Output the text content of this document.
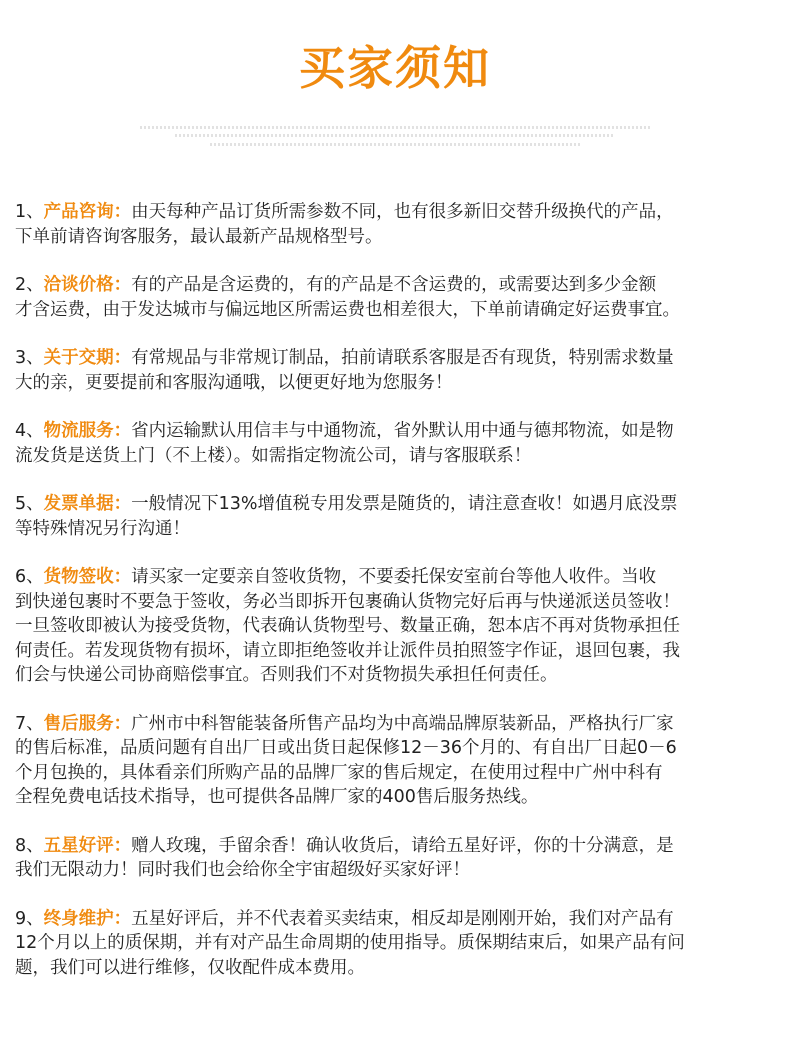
买家须知
1、产品咨询：由天每种产品订货所需参数不同，也有很多新旧交替升级换代的产品，
下单前请咨询客服务，最认最新产品规格型号。
2、洽谈价格：有的产品是含运费的，有的产品是不含运费的，或需要达到多少金额
才含运费，由于发达城市与偏远地区所需运费也相差很大，下单前请确定好运费事宜。
3、关于交期：有常规品与非常规订制品，拍前请联系客服是否有现货，特别需求数量
大的亲，更要提前和客服沟通哦，以便更好地为您服务！
4、物流服务：省内运输默认用信丰与中通物流，省外默认用中通与德邦物流，如是物
流发货是送货上门（不上楼）。如需指定物流公司，请与客服联系！
5、发票单据：一般情况下13%增值税专用发票是随货的，请注意查收！如遇月底没票
等特殊情况另行沟通！
6、货物签收：请买家一定要亲自签收货物，不要委托保安室前台等他人收件。当收
到快递包裹时不要急于签收，务必当即拆开包裹确认货物完好后再与快递派送员签收！
一旦签收即被认为接受货物，代表确认货物型号、数量正确，恕本店不再对货物承担任
何责任。若发现货物有损坏，请立即拒绝签收并让派件员拍照签字作证，退回包裹，我
们会与快递公司协商赔偿事宜。否则我们不对货物损失承担任何责任。
7、售后服务：广州市中科智能装备所售产品均为中高端品牌原装新品，严格执行厂家
的售后标准，品质问题有自出厂日或出货日起保修12－36个月的、有自出厂日起0－6
个月包换的，具体看亲们所购产品的品牌厂家的售后规定，在使用过程中广州中科有
全程免费电话技术指导，也可提供各品牌厂家的400售后服务热线。
8、五星好评：赠人玫瑰，手留余香！确认收货后，请给五星好评，你的十分满意，是
我们无限动力！同时我们也会给你全宇宙超级好买家好评！
9、终身维护：五星好评后，并不代表着买卖结束，相反却是刚刚开始，我们对产品有
12个月以上的质保期，并有对产品生命周期的使用指导。质保期结束后，如果产品有问
题，我们可以进行维修，仅收配件成本费用。
